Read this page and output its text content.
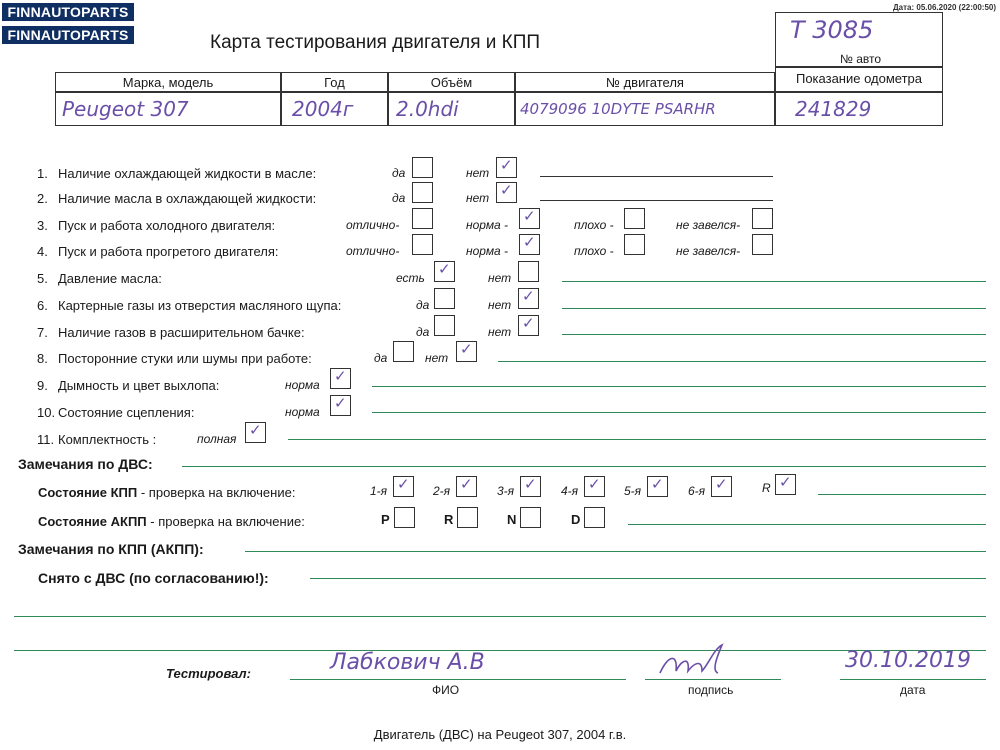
FINNAUTOPARTS
FINNAUTOPARTS
Дата: 05.06.2020 (22:00:50)
Карта тестирования двигателя и КПП	T 3085
№ авто
Марка, модель	Год	Объём	№ двигателя	Показание одометра
Peugeot 307	2004г 2.0hdi	4079096 10DYTE PSARHR	241829
1. Наличие охлаждающей жидкости в масле:	да	нет ✓
2. Наличие масла в охлаждающей жидкости:	да	нет ✓
3. Пуск и работа холодного двигателя:	отлично-	норма - ✓	плохо -	не завелся-
4. Пуск и работа прогретого двигателя:	отлично-	норма - ✓	плохо -	не завелся-
5. Давление масла:	есть ✓	нет
6. Картерные газы из отверстия масляного щупа:	да	нет ✓
7. Наличие газов в расширительном бачке:	да	нет ✓
8. Посторонние стуки или шумы при работе:	да	нет ✓
9. Дымность и цвет выхлопа:	норма ✓
10. Состояние сцепления:	норма ✓
11. Комплектность :	полная ✓
Замечания по ДВС:
Состояние КПП - проверка на включение:	1-я ✓ 2-я ✓ 3-я ✓ 4-я ✓ 5-я ✓ 6-я ✓	R ✓
Состояние АКПП - проверка на включение:	P	R	N	D
Замечания по КПП (АКПП):
Снято с ДВС (по согласованию!):
Тестировал:	Лабкович А.В
ФИО	подпись
30.10.2019
дата
Двигатель (ДВС) на Peugeot 307, 2004 г.в.
